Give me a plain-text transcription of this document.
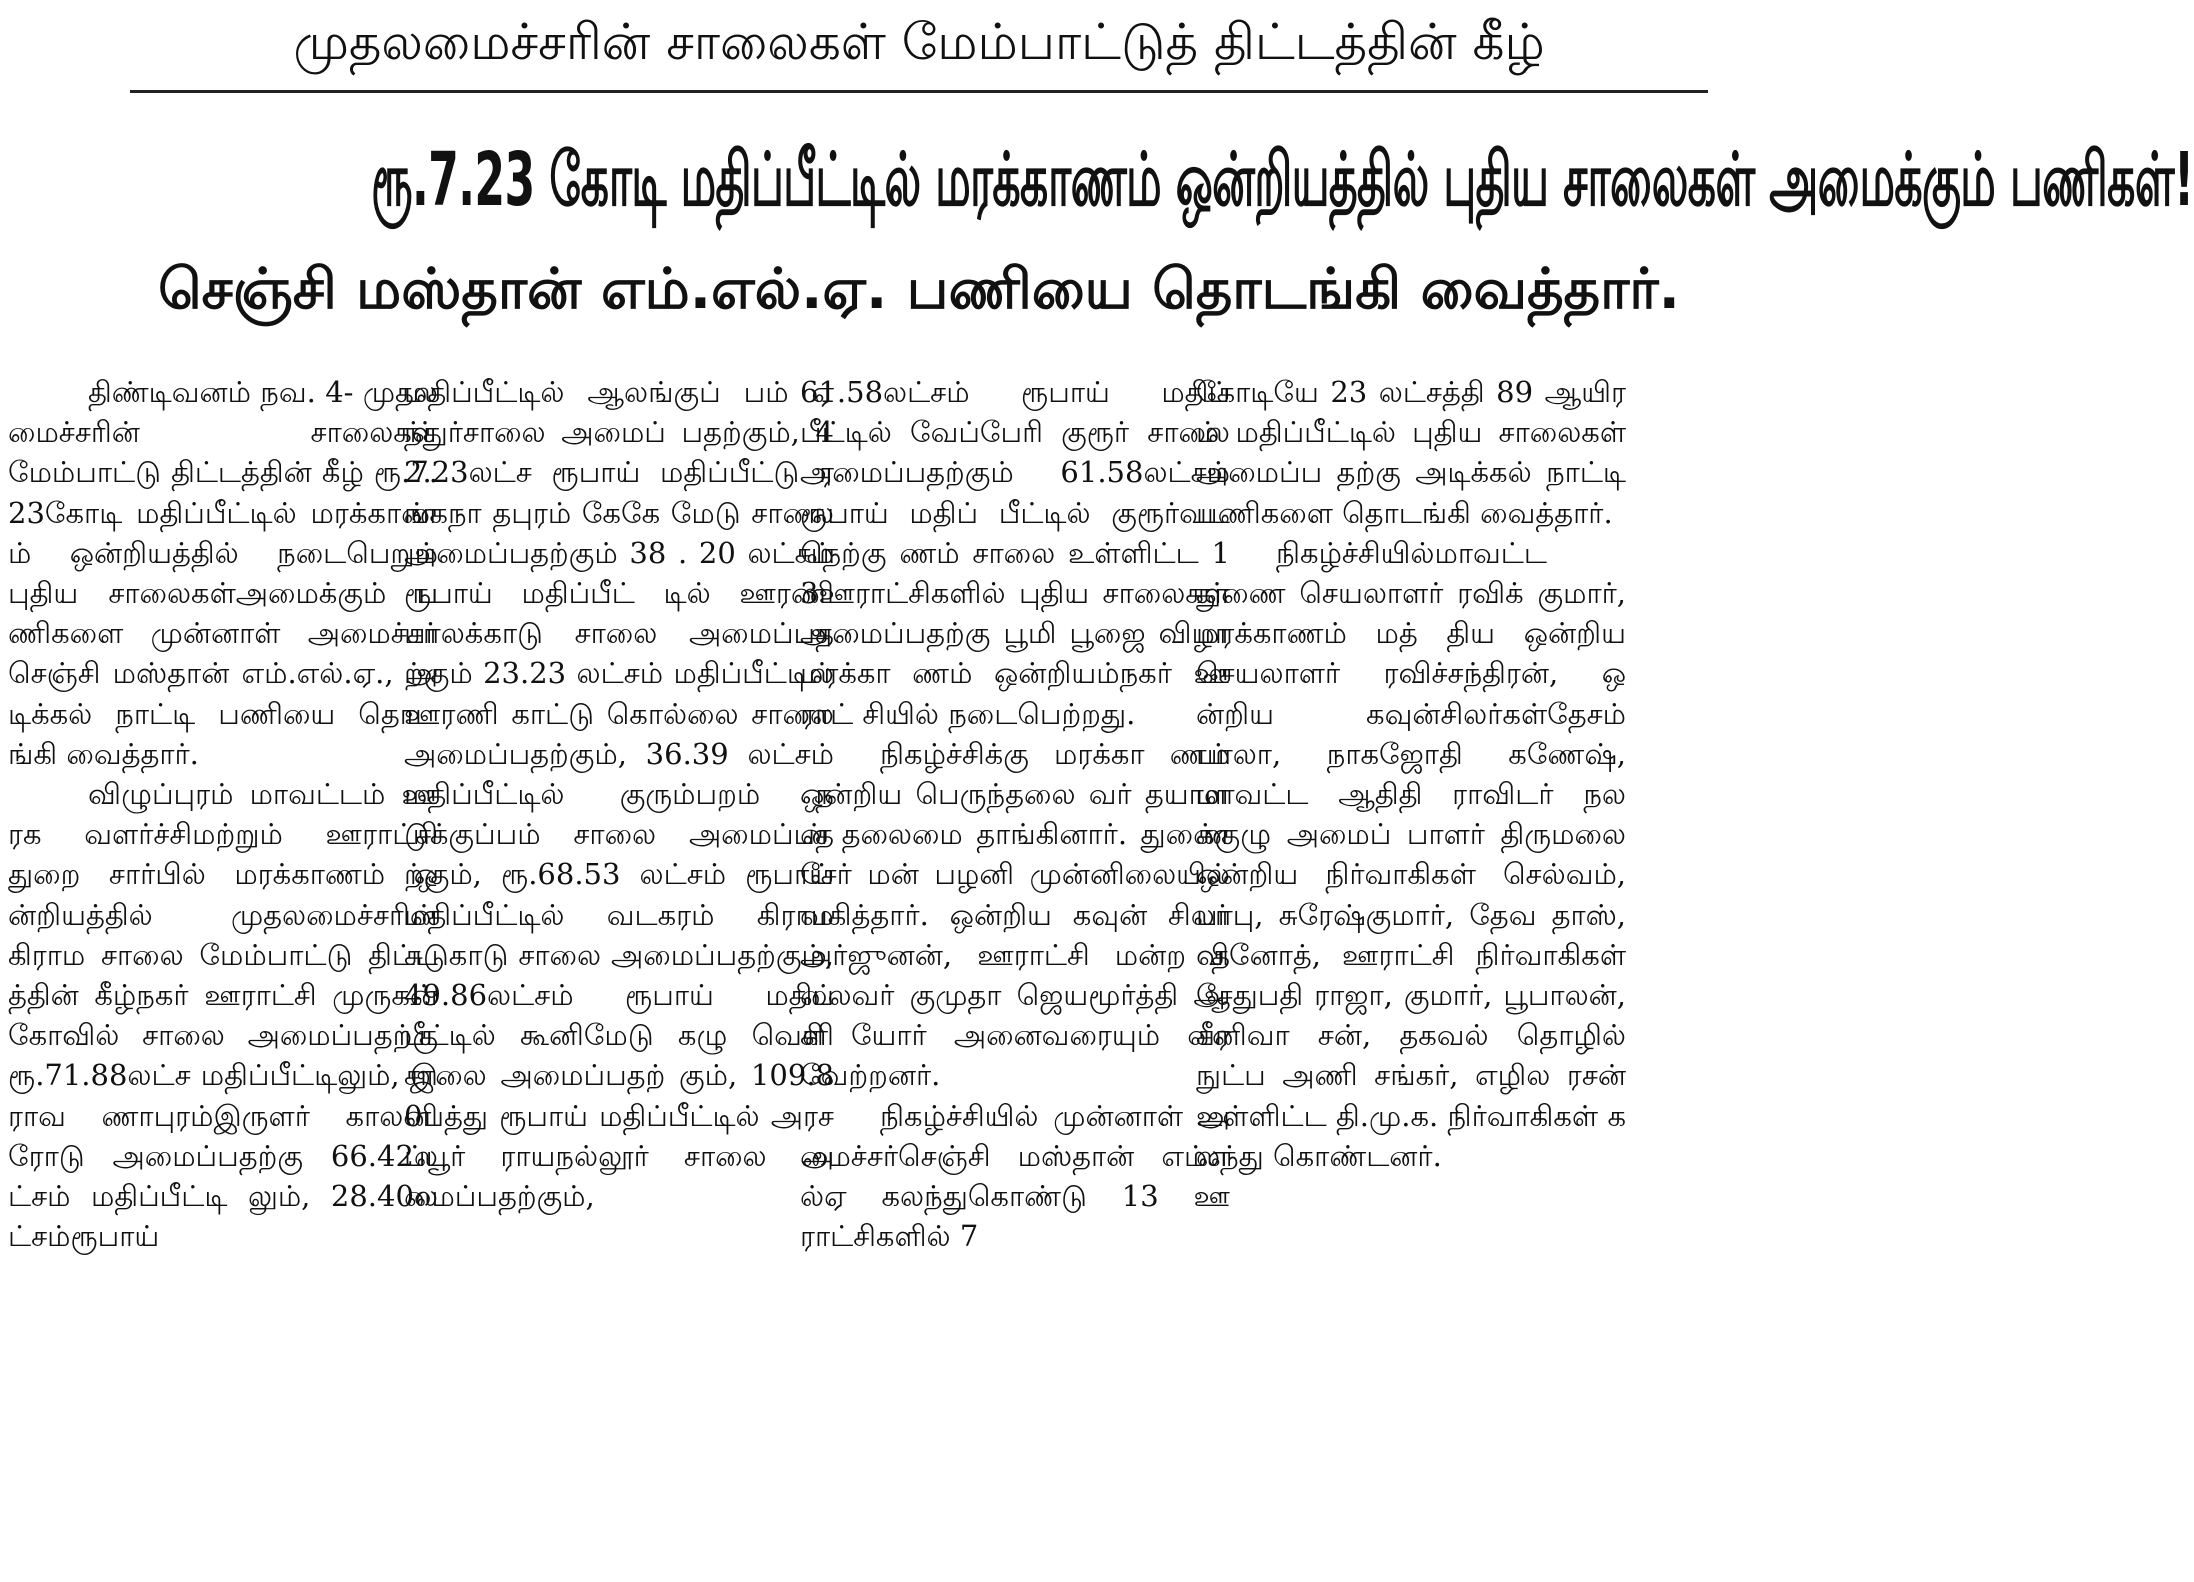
முதலமைச்சரின் சாலைகள் மேம்பாட்டுத் திட்டத்தின் கீழ்
ரூ.7.23 கோடி மதிப்பீட்டில் மரக்காணம் ஒன்றியத்தில் புதிய சாலைகள் அமைக்கும் பணிகள்!
செஞ்சி மஸ்தான் எம்.எல்.ஏ. பணியை தொடங்கி வைத்தார்.

திண்டிவனம் நவ. 4- முதலமைச்சரின் சாலைகள் மேம்பாட்டு திட்டத்தின் கீழ் ரூ.7.23கோடி மதிப்பீட்டில் மரக்காணம் ஒன்றியத்தில் நடைபெறும் புதிய சாலைகள்அமைக்கும் பணிகளை முன்னாள் அமைச்சர் செஞ்சி மஸ்தான் எம்.எல்.ஏ., அடிக்கல் நாட்டி பணியை தொடங்கி வைத்தார்.

விழுப்புரம் மாவட்டம் ஊரக வளர்ச்சிமற்றும் ஊராட்சி துறை சார்பில் மரக்காணம் ஒன்றியத்தில் முதலமைச்சரின் கிராம சாலை மேம்பாட்டு திட்டத்தின் கீழ்நகர் ஊராட்சி முருகன் கோவில் சாலை அமைப்பதற்கு ரூ.71.88லட்ச மதிப்பீட்டிலும், இராவ ணாபுரம்இருளர் காலனி ரோடு அமைப்பதற்கு 66.42லட்சம் மதிப்பீட்டி லும், 28.40லட்சம்ரூபாய்

மதிப்பீட்டில் ஆலங்குப் பம் ஏந்துர்சாலை அமைப் பதற்கும், 42.23லட்ச ரூபாய் மதிப்பீட்டு ரங்கநா தபுரம் கேகே மேடு சாலை அமைப்பதற்கும் 38 . 20 லட்சம் ரூபாய் மதிப்பீட் டில் ஊரணி பாலக்காடு சாலை அமைப்பதற்கும் 23.23 லட்சம் மதிப்பீட்டில் ஊரணி காட்டு கொல்லை சாலை அமைப்பதற்கும், 36.39 லட்சம் மதிப்பீட்டில் குரும்பறம் நடுக்குப்பம் சாலை அமைப்பதற்கும், ரூ.68.53 லட்சம் ரூபாய் மதிப்பீட்டில் வடகரம் கிராம சுடுகாடு சாலை அமைப்பதற்கும், 49.86லட்சம் ரூபாய் மதிப் பீட்டில் கூனிமேடு கழு வெளி சாலை அமைப்பதற் கும், 109.80பத்து ரூபாய் மதிப்பீட்டில் அரசப்பூர் ராயநல்லூர் சாலை அமைப்பதற்கும்,

61.58லட்சம் ரூபாய் மதிப் பீட்டில் வேப்பேரி குரூர் சாலை அமைப்பதற்கும் 61.58லட்சம் ரூபாய் மதிப் பீட்டில் குரூர்வட நெற்கு ணம் சாலை உள்ளிட்ட 13ஊராட்சிகளில் புதிய சாலைகள் அமைப்பதற்கு பூமி பூஜை விழா மரக்கா ணம் ஒன்றியம்நகர் ஊராட் சியில் நடைபெற்றது.

நிகழ்ச்சிக்கு மரக்கா ணம் ஒன்றிய பெருந்தலை வர் தயாளன் தலைமை தாங்கினார். துணை சேர் மன் பழனி முன்னிலையில் வகித்தார். ஒன்றிய கவுன் சிலர் அர்ஜுனன், ஊராட்சி மன்ற தலைவர் குமுதா ஜெயமூர்த்தி ஆகி யோர் அனைவரையும் வர வேற்றனர்.

நிகழ்ச்சியில் முன்னாள் அமைச்சர்செஞ்சி மஸ்தான் எம்எல்ஏ கலந்துகொண்டு 13 ஊராட்சிகளில் 7

கோடியே 23 லட்சத்தி 89 ஆயிரம் மதிப்பீட்டில் புதிய சாலைகள் அமைப்ப தற்கு அடிக்கல் நாட்டி பணிகளை தொடங்கி வைத்தார்.

நிகழ்ச்சியில்மாவட்ட துணை செயலாளர் ரவிக் குமார், மரக்காணம் மத் திய ஒன்றிய செயலாளர் ரவிச்சந்திரன், ஒன்றிய கவுன்சிலர்கள்தேசம் பாலா, நாகஜோதி கணேஷ், மாவட்ட ஆதிதி ராவிடர் நலக்குழு அமைப் பாளர் திருமலை ஒன்றிய நிர்வாகிகள் செல்வம், பாபு, சுரேஷ்குமார், தேவ தாஸ், வினோத், ஊராட்சி நிர்வாகிகள் சேதுபதி ராஜா, குமார், பூபாலன், சீனிவா சன், தகவல் தொழில் நுட்ப அணி சங்கர், எழில ரசன் உள்ளிட்ட தி.மு.க. நிர்வாகிகள் கலந்து கொண்டனர்.
